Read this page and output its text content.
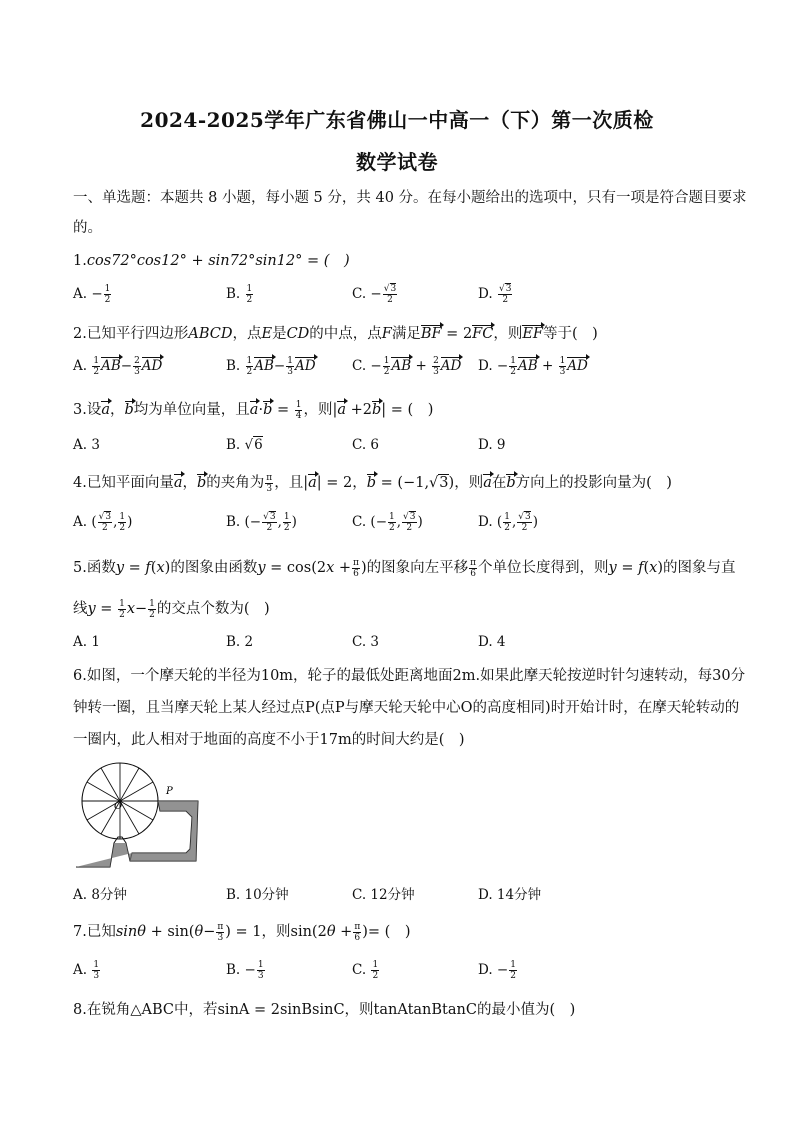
2024-2025学年广东省佛山一中高一（下）第一次质检
数学试卷
一、单选题：本题共 8 小题，每小题 5 分，共 40 分。在每小题给出的选项中，只有一项是符合题目要求
的。
1.cos72°cos12° + sin72°sin12° = (　)
A. − $\frac{1}{2}$	B. $\frac{1}{2}$	C. − $\frac{√3}{2}$	D. $\frac{√3}{2}$
2.已知平行四边形ABCD，点E是CD的中点，点F满足BF = 2FC，则EF等于(　)
A. $\frac{1}{2} AB- \frac{2}{3}$ AD	B. $\frac{1}{2} AB- \frac{1}{3}$ AD	C. − $\frac{1}{2}$ AB + $\frac{2}{3}$ AD D. − $\frac{1}{2}$ AB + $\frac{1}{3}$ AD
3.设a，b均为单位向量，且$a\cdot b = \frac{1}{4}$ ，则|a +2b| = (　)
A. 3	B. √6	C. 6	D. 9
4.已知平面向量a，b的夹角为 $\frac{\pi}{3}$ ，且|a| = 2，b = (−1,√3)，则a在b方向上的投影向量为(　)
A. ( $\frac{√3}{2}$ , $\frac{1}{2}$ )	B. (− $\frac{√3}{2}$ , $\frac{1}{2}$ )	C. (− $\frac{1}{2}$ , $\frac{√3}{2}$ )	D. ( $\frac{1}{2}$ , $\frac{√3}{2}$ )
5.函数y = f(x)的图象由函数$y = \cos(2x + \frac{\pi}{6}$ )的图象向左平移 $\frac{\pi}{6}$ 个单位长度得到，则y = f(x)的图象与直
线$y = \frac{1}{2} x- \frac{1}{2}$ 的交点个数为(　)
A. 1	B. 2	C. 3	D. 4
6.如图，一个摩天轮的半径为10m，轮子的最低处距离地面2m.如果此摩天轮按逆时针匀速转动，每30分
钟转一圈，且当摩天轮上某人经过点P(点P与摩天轮天轮中心O的高度相同)时开始计时，在摩天轮转动的
一圈内，此人相对于地面的高度不小于17m的时间大约是(　)
O
P
A. 8分钟	B. 10分钟	C. 12分钟	D. 14分钟
7.已知$\sin\theta + \sin(\theta- \frac{\pi}{3}$ ) = 1，则$\sin(2\theta + \frac{\pi}{6}$ )= (　)
A. $\frac{1}{3}$	B. − $\frac{1}{3}$	C. $\frac{1}{2}$	D. − $\frac{1}{2}$
8.在锐角△ABC中，若sinA = 2sinBsinC，则tanAtanBtanC的最小值为(　)
